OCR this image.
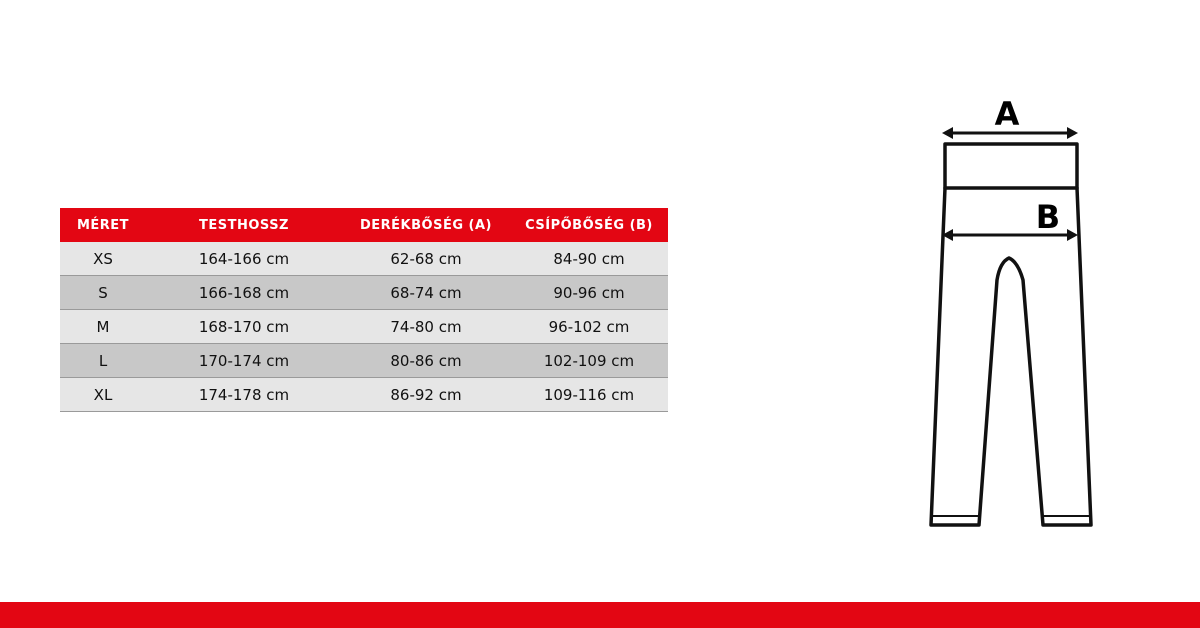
MÉRET	TESTHOSSZ	DERÉKBŐSÉG (A)	CSÍPŐBŐSÉG (B)
XS	164-166 cm	62-68 cm	84-90 cm
S	166-168 cm	68-74 cm	90-96 cm
M	168-170 cm	74-80 cm	96-102 cm
L	170-174 cm	80-86 cm	102-109 cm
XL	174-178 cm	86-92 cm	109-116 cm
A
B
